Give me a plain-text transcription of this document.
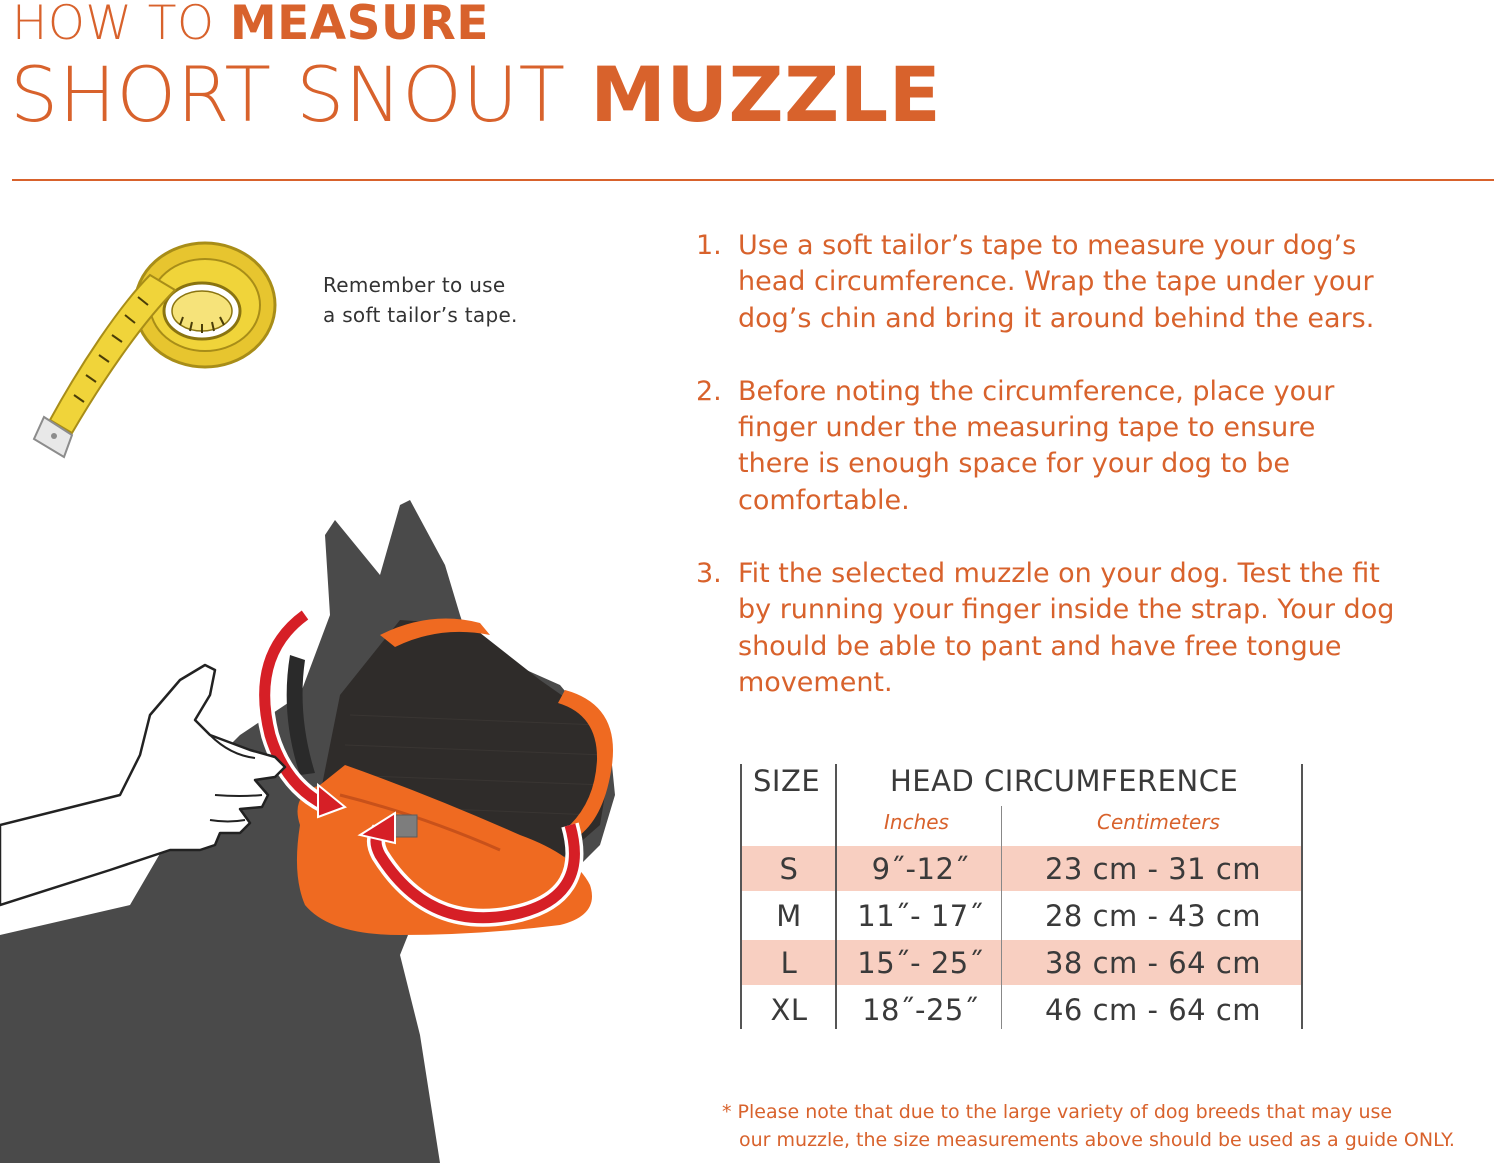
HOW TO MEASURE
SHORT SNOUT MUZZLE
Remember to use
a soft tailor’s tape.
1. Use a soft tailor’s tape to measure your dog’s
head circumference. Wrap the tape under your
dog’s chin and bring it around behind the ears.
2. Before noting the circumference, place your
finger under the measuring tape to ensure
there is enough space for your dog to be
comfortable.
3. Fit the selected muzzle on your dog. Test the fit
by running your finger inside the strap. Your dog
should be able to pant and have free tongue
movement.
S	9˝-12˝	23 cm - 31 cm
M	11˝- 17˝	28 cm - 43 cm
L	15˝- 25˝	38 cm - 64 cm
XL	18˝-25˝	46 cm - 64 cm
SIZE HEAD CIRCUMFERENCE
Inches	Centimeters
* Please note that due to the large variety of dog breeds that may use
our muzzle, the size measurements above should be used as a guide ONLY.
